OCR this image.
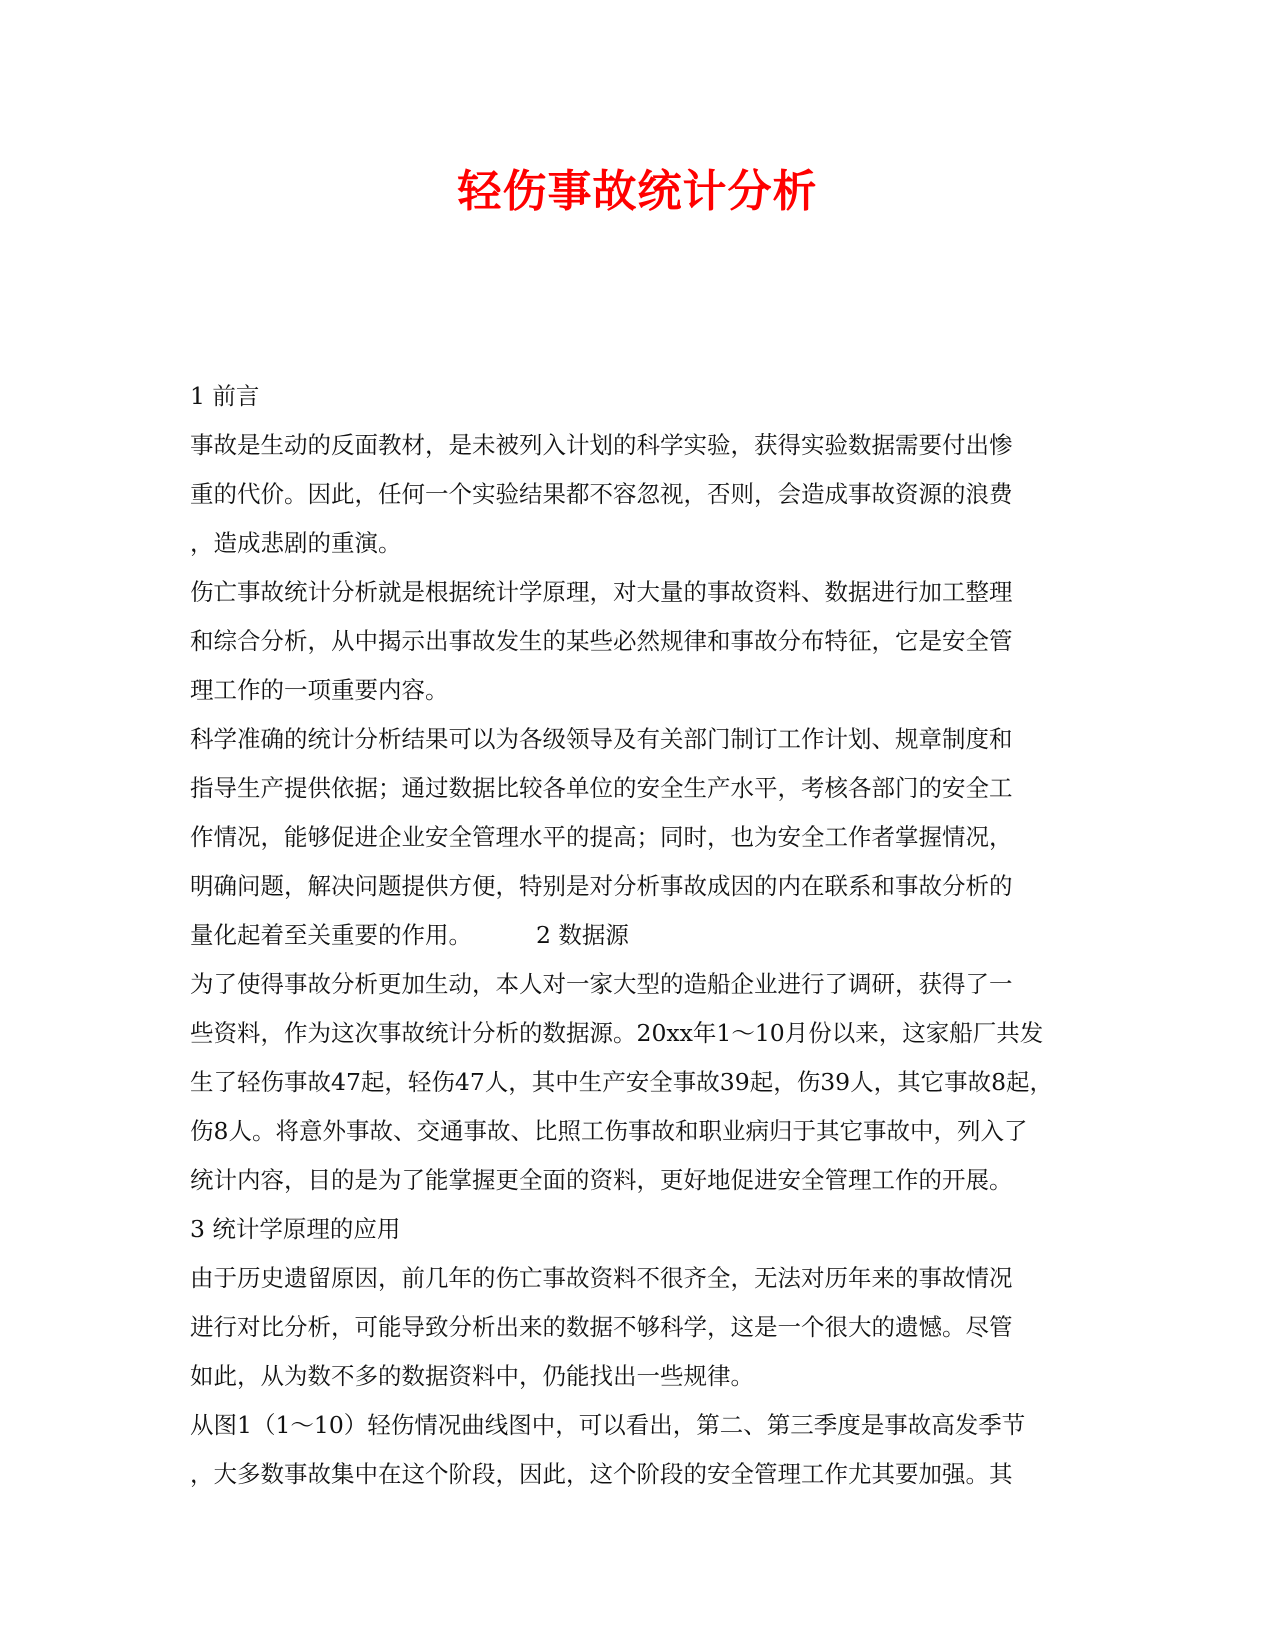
轻伤事故统计分析
1 前言
事故是生动的反面教材，是未被列入计划的科学实验，获得实验数据需要付出惨
重的代价。因此，任何一个实验结果都不容忽视，否则，会造成事故资源的浪费
，造成悲剧的重演。
伤亡事故统计分析就是根据统计学原理，对大量的事故资料、数据进行加工整理
和综合分析，从中揭示出事故发生的某些必然规律和事故分布特征，它是安全管
理工作的一项重要内容。
科学准确的统计分析结果可以为各级领导及有关部门制订工作计划、规章制度和
指导生产提供依据；通过数据比较各单位的安全生产水平，考核各部门的安全工
作情况，能够促进企业安全管理水平的提高；同时，也为安全工作者掌握情况，
明确问题，解决问题提供方便，特别是对分析事故成因的内在联系和事故分析的
量化起着至关重要的作用。	2 数据源
为了使得事故分析更加生动，本人对一家大型的造船企业进行了调研，获得了一
些资料，作为这次事故统计分析的数据源。20xx年1～10月份以来，这家船厂共发
生了轻伤事故47起，轻伤47人，其中生产安全事故39起，伤39人，其它事故8起，
伤8人。将意外事故、交通事故、比照工伤事故和职业病归于其它事故中，列入了
统计内容，目的是为了能掌握更全面的资料，更好地促进安全管理工作的开展。
3 统计学原理的应用
由于历史遗留原因，前几年的伤亡事故资料不很齐全，无法对历年来的事故情况
进行对比分析，可能导致分析出来的数据不够科学，这是一个很大的遗憾。尽管
如此，从为数不多的数据资料中，仍能找出一些规律。
从图1（1～10）轻伤情况曲线图中，可以看出，第二、第三季度是事故高发季节
，大多数事故集中在这个阶段，因此，这个阶段的安全管理工作尤其要加强。其
